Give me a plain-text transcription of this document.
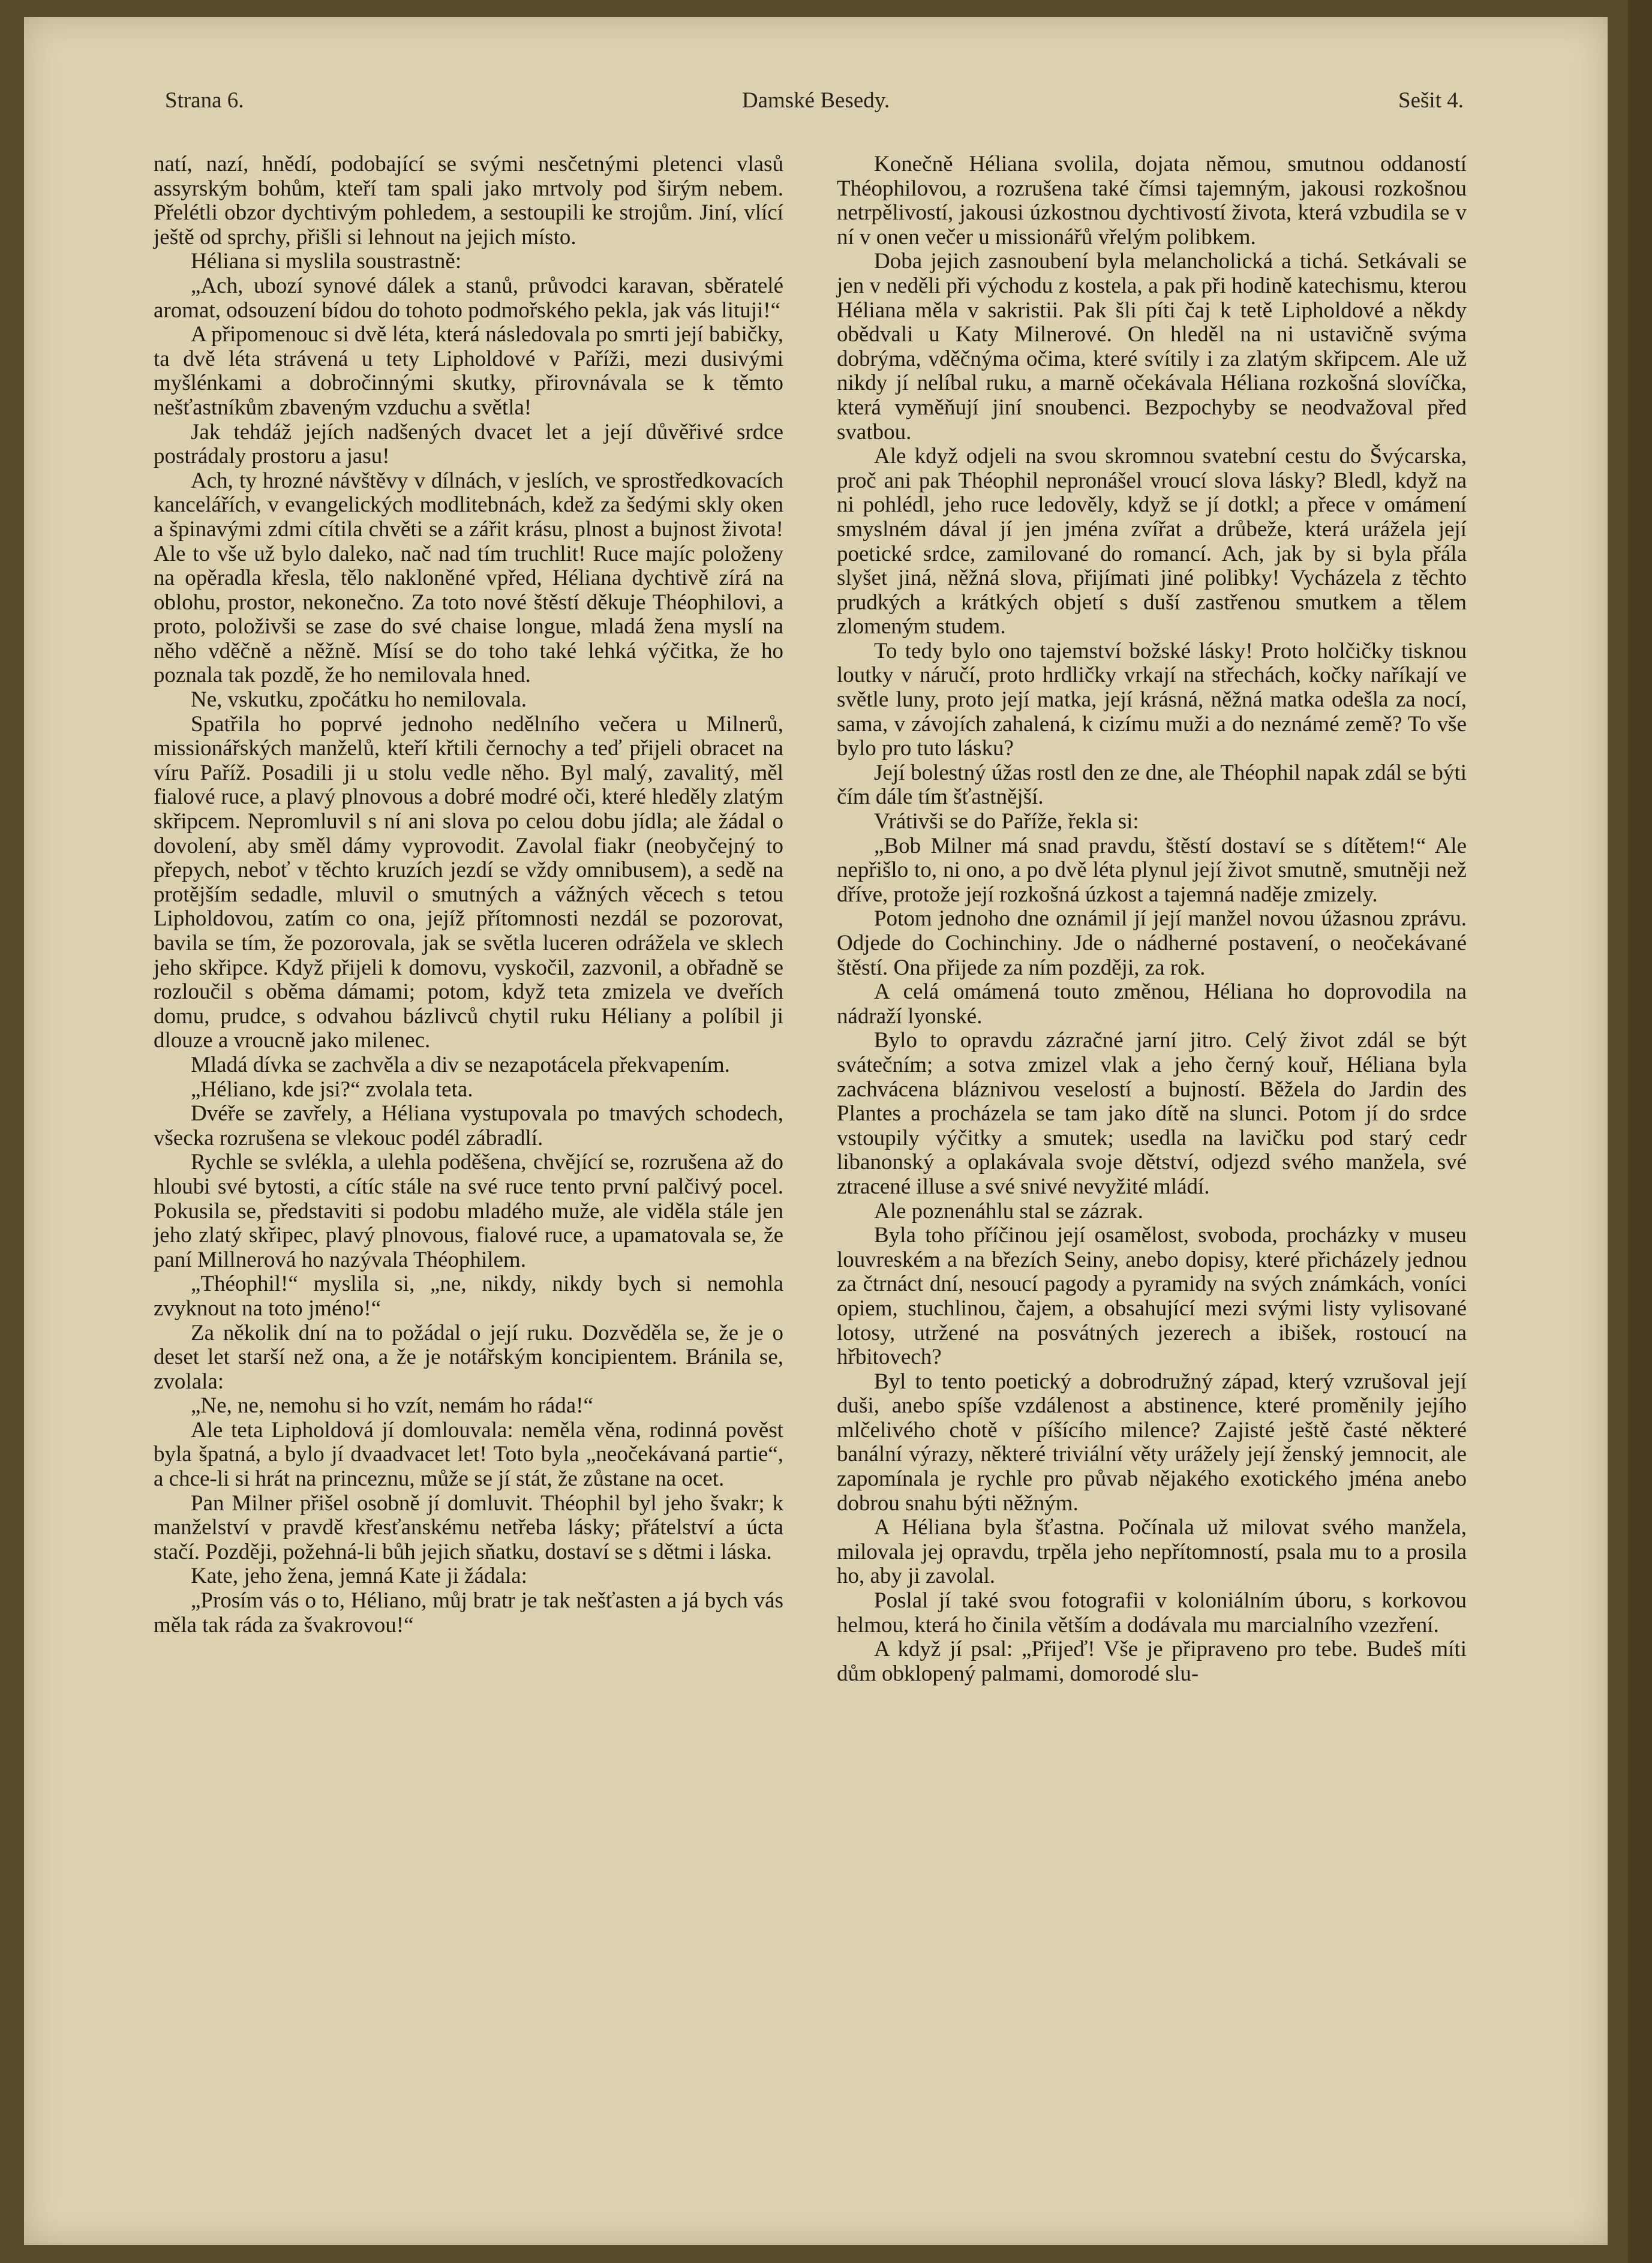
Strana 6.	Damské Besedy.	Sešit 4.

natí, nazí, hnědí, podobající se svými nesčetnými pletenci vlasů assyrským bohům, kteří tam spali jako mrtvoly pod širým nebem. Přelétli obzor dychtivým pohledem, a sestoupili ke strojům. Jiní, vlící ještě od sprchy, přišli si lehnout na jejich místo.

Héliana si myslila soustrastně:

„Ach, ubozí synové dálek a stanů, průvodci karavan, sběratelé aromat, odsouzení bídou do tohoto podmořského pekla, jak vás lituji!“

A připomenouc si dvě léta, která následovala po smrti její babičky, ta dvě léta strávená u tety Lipholdové v Paříži, mezi dusivými myšlénkami a dobročinnými skutky, přirovnávala se k těmto nešťastníkům zbaveným vzduchu a světla!

Jak tehdáž jejích nadšených dvacet let a její důvěřivé srdce postrádaly prostoru a jasu!

Ach, ty hrozné návštěvy v dílnách, v jeslích, ve sprostředkovacích kancelářích, v evangelických modlitebnách, kdež za šedými skly oken a špinavými zdmi cítila chvěti se a zářit krásu, plnost a bujnost života! Ale to vše už bylo daleko, nač nad tím truchlit! Ruce majíc položeny na opěradla křesla, tělo nakloněné vpřed, Héliana dychtivě zírá na oblohu, prostor, nekonečno. Za toto nové štěstí děkuje Théophilovi, a proto, položivši se zase do své chaise longue, mladá žena myslí na něho vděčně a něžně. Mísí se do toho také lehká výčitka, že ho poznala tak pozdě, že ho nemilovala hned.

Ne, vskutku, zpočátku ho nemilovala.

Spatřila ho poprvé jednoho nedělního večera u Milnerů, missionářských manželů, kteří křtili černochy a teď přijeli obracet na víru Paříž. Posadili ji u stolu vedle něho. Byl malý, zavalitý, měl fialové ruce, a plavý plnovous a dobré modré oči, které hleděly zlatým skřipcem. Nepromluvil s ní ani slova po celou dobu jídla; ale žádal o dovolení, aby směl dámy vyprovodit. Zavolal fiakr (neobyčejný to přepych, neboť v těchto kruzích jezdí se vždy omnibusem), a sedě na protějším sedadle, mluvil o smutných a vážných věcech s tetou Lipholdovou, zatím co ona, jejíž přítomnosti nezdál se pozorovat, bavila se tím, že pozorovala, jak se světla luceren odrážela ve sklech jeho skřipce. Když přijeli k domovu, vyskočil, zazvonil, a obřadně se rozloučil s oběma dámami; potom, když teta zmizela ve dveřích domu, prudce, s odvahou bázlivců chytil ruku Héliany a políbil ji dlouze a vroucně jako milenec.

Mladá dívka se zachvěla a div se nezapotácela překvapením.

„Héliano, kde jsi?“ zvolala teta.

Dvéře se zavřely, a Héliana vystupovala po tmavých schodech, všecka rozrušena se vlekouc podél zábradlí.

Rychle se svlékla, a ulehla poděšena, chvějící se, rozrušena až do hloubi své bytosti, a cítíc stále na své ruce tento první palčivý pocel. Pokusila se, představiti si podobu mladého muže, ale viděla stále jen jeho zlatý skřipec, plavý plnovous, fialové ruce, a upamatovala se, že paní Millnerová ho nazývala Théophilem.

„Théophil!“ myslila si, „ne, nikdy, nikdy bych si nemohla zvyknout na toto jméno!“

Za několik dní na to požádal o její ruku. Dozvěděla se, že je o deset let starší než ona, a že je notářským koncipientem. Bránila se, zvolala:

„Ne, ne, nemohu si ho vzít, nemám ho ráda!“

Ale teta Lipholdová jí domlouvala: neměla věna, rodinná pověst byla špatná, a bylo jí dvaadvacet let! Toto byla „neočekávaná partie“, a chce-li si hrát na princeznu, může se jí stát, že zůstane na ocet.

Pan Milner přišel osobně jí domluvit. Théophil byl jeho švakr; k manželství v pravdě křesťanskému netřeba lásky; přátelství a úcta stačí. Později, požehná-li bůh jejich sňatku, dostaví se s dětmi i láska.

Kate, jeho žena, jemná Kate ji žádala:

„Prosím vás o to, Héliano, můj bratr je tak nešťasten a já bych vás měla tak ráda za švakrovou!“

Konečně Héliana svolila, dojata němou, smutnou oddaností Théophilovou, a rozrušena také čímsi tajemným, jakousi rozkošnou netrpělivostí, jakousi úzkostnou dychtivostí života, která vzbudila se v ní v onen večer u missionářů vřelým polibkem.

Doba jejich zasnoubení byla melancholická a tichá. Setkávali se jen v neděli při východu z kostela, a pak při hodině katechismu, kterou Héliana měla v sakristii. Pak šli píti čaj k tetě Lipholdové a někdy obědvali u Katy Milnerové. On hleděl na ni ustavičně svýma dobrýma, vděčnýma očima, které svítily i za zlatým skřipcem. Ale už nikdy jí nelíbal ruku, a marně očekávala Héliana rozkošná slovíčka, která vyměňují jiní snoubenci. Bezpochyby se neodvažoval před svatbou.

Ale když odjeli na svou skromnou svatební cestu do Švýcarska, proč ani pak Théophil nepronášel vroucí slova lásky? Bledl, když na ni pohlédl, jeho ruce ledověly, když se jí dotkl; a přece v omámení smyslném dával jí jen jména zvířat a drůbeže, která urážela její poetické srdce, zamilované do romancí. Ach, jak by si byla přála slyšet jiná, něžná slova, přijímati jiné polibky! Vycházela z těchto prudkých a krátkých objetí s duší zastřenou smutkem a tělem zlomeným studem.

To tedy bylo ono tajemství božské lásky! Proto holčičky tisknou loutky v náručí, proto hrdličky vrkají na střechách, kočky naříkají ve světle luny, proto její matka, její krásná, něžná matka odešla za nocí, sama, v závojích zahalená, k cizímu muži a do neznámé země? To vše bylo pro tuto lásku?

Její bolestný úžas rostl den ze dne, ale Théophil napak zdál se býti čím dále tím šťastnější.

Vrátivši se do Paříže, řekla si:

„Bob Milner má snad pravdu, štěstí dostaví se s dítětem!“ Ale nepřišlo to, ni ono, a po dvě léta plynul její život smutně, smutněji než dříve, protože její rozkošná úzkost a tajemná naděje zmizely.

Potom jednoho dne oznámil jí její manžel novou úžasnou zprávu. Odjede do Cochinchiny. Jde o nádherné postavení, o neočekávané štěstí. Ona přijede za ním později, za rok.

A celá omámená touto změnou, Héliana ho doprovodila na nádraží lyonské.

Bylo to opravdu zázračné jarní jitro. Celý život zdál se být svátečním; a sotva zmizel vlak a jeho černý kouř, Héliana byla zachvácena bláznivou veselostí a bujností. Běžela do Jardin des Plantes a procházela se tam jako dítě na slunci. Potom jí do srdce vstoupily výčitky a smutek; usedla na lavičku pod starý cedr libanonský a oplakávala svoje dětství, odjezd svého manžela, své ztracené illuse a své snivé nevyžité mládí.

Ale poznenáhlu stal se zázrak.

Byla toho příčinou její osamělost, svoboda, procházky v museu louvreském a na březích Seiny, anebo dopisy, které přicházely jednou za čtrnáct dní, nesoucí pagody a pyramidy na svých známkách, voníci opiem, stuchlinou, čajem, a obsahující mezi svými listy vylisované lotosy, utržené na posvátných jezerech a ibišek, rostoucí na hřbitovech?

Byl to tento poetický a dobrodružný západ, který vzrušoval její duši, anebo spíše vzdálenost a abstinence, které proměnily jejího mlčelivého chotě v píšícího milence? Zajisté ještě časté některé banální výrazy, některé triviální věty urážely její ženský jemnocit, ale zapomínala je rychle pro půvab nějakého exotického jména anebo dobrou snahu býti něžným.

A Héliana byla šťastna. Počínala už milovat svého manžela, milovala jej opravdu, trpěla jeho nepřítomností, psala mu to a prosila ho, aby ji zavolal.

Poslal jí také svou fotografii v koloniálním úboru, s korkovou helmou, která ho činila větším a dodávala mu marcialního vzezření.

A když jí psal: „Přijeď! Vše je připraveno pro tebe. Budeš míti dům obklopený palmami, domorodé slu-
